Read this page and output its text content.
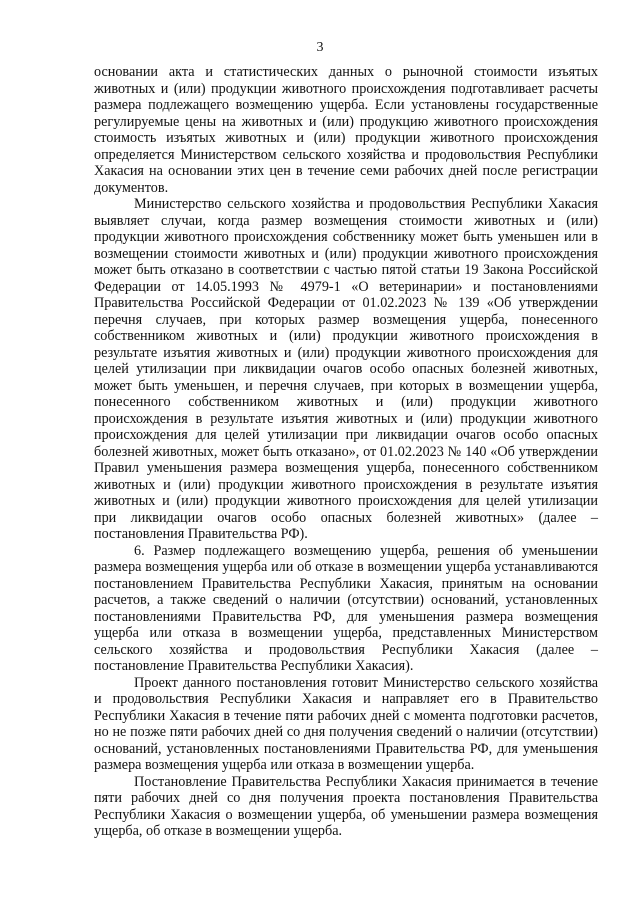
3

основании акта и статистических данных о рыночной стоимости изъятых животных и (или) продукции животного происхождения подготавливает расчеты размера подлежащего возмещению ущерба. Если установлены государственные регулируемые цены на животных и (или) продукцию животного происхождения стоимость изъятых животных и (или) продукции животного происхождения определяется Министерством сельского хозяйства и продовольствия Республики Хакасия на основании этих цен в течение семи рабочих дней после регистрации документов.

Министерство сельского хозяйства и продовольствия Республики Хакасия выявляет случаи, когда размер возмещения стоимости животных и (или) продукции животного происхождения собственнику может быть уменьшен или в возмещении стоимости животных и (или) продукции животного происхождения может быть отказано в соответствии с частью пятой статьи 19 Закона Российской Федерации от 14.05.1993 № 4979-1 «О ветеринарии» и постановлениями Правительства Российской Федерации от 01.02.2023 № 139 «Об утверждении перечня случаев, при которых размер возмещения ущерба, понесенного собственником животных и (или) продукции животного происхождения в результате изъятия животных и (или) продукции животного происхождения для целей утилизации при ликвидации очагов особо опасных болезней животных, может быть уменьшен, и перечня случаев, при которых в возмещении ущерба, понесенного собственником животных и (или) продукции животного происхождения в результате изъятия животных и (или) продукции животного происхождения для целей утилизации при ликвидации очагов особо опасных болезней животных, может быть отказано», от 01.02.2023 № 140 «Об утверждении Правил уменьшения размера возмещения ущерба, понесенного собственником животных и (или) продукции животного происхождения в результате изъятия животных и (или) продукции животного происхождения для целей утилизации при ликвидации очагов особо опасных болезней животных» (далее – постановления Правительства РФ).

6. Размер подлежащего возмещению ущерба, решения об уменьшении размера возмещения ущерба или об отказе в возмещении ущерба устанавливаются постановлением Правительства Республики Хакасия, принятым на основании расчетов, а также сведений о наличии (отсутствии) оснований, установленных постановлениями Правительства РФ, для уменьшения размера возмещения ущерба или отказа в возмещении ущерба, представленных Министерством сельского хозяйства и продовольствия Республики Хакасия (далее – постановление Правительства Республики Хакасия).

Проект данного постановления готовит Министерство сельского хозяйства и продовольствия Республики Хакасия и направляет его в Правительство Республики Хакасия в течение пяти рабочих дней с момента подготовки расчетов, но не позже пяти рабочих дней со дня получения сведений о наличии (отсутствии) оснований, установленных постановлениями Правительства РФ, для уменьшения размера возмещения ущерба или отказа в возмещении ущерба.

Постановление Правительства Республики Хакасия принимается в течение пяти рабочих дней со дня получения проекта постановления Правительства Республики Хакасия о возмещении ущерба, об уменьшении размера возмещения ущерба, об отказе в возмещении ущерба.
